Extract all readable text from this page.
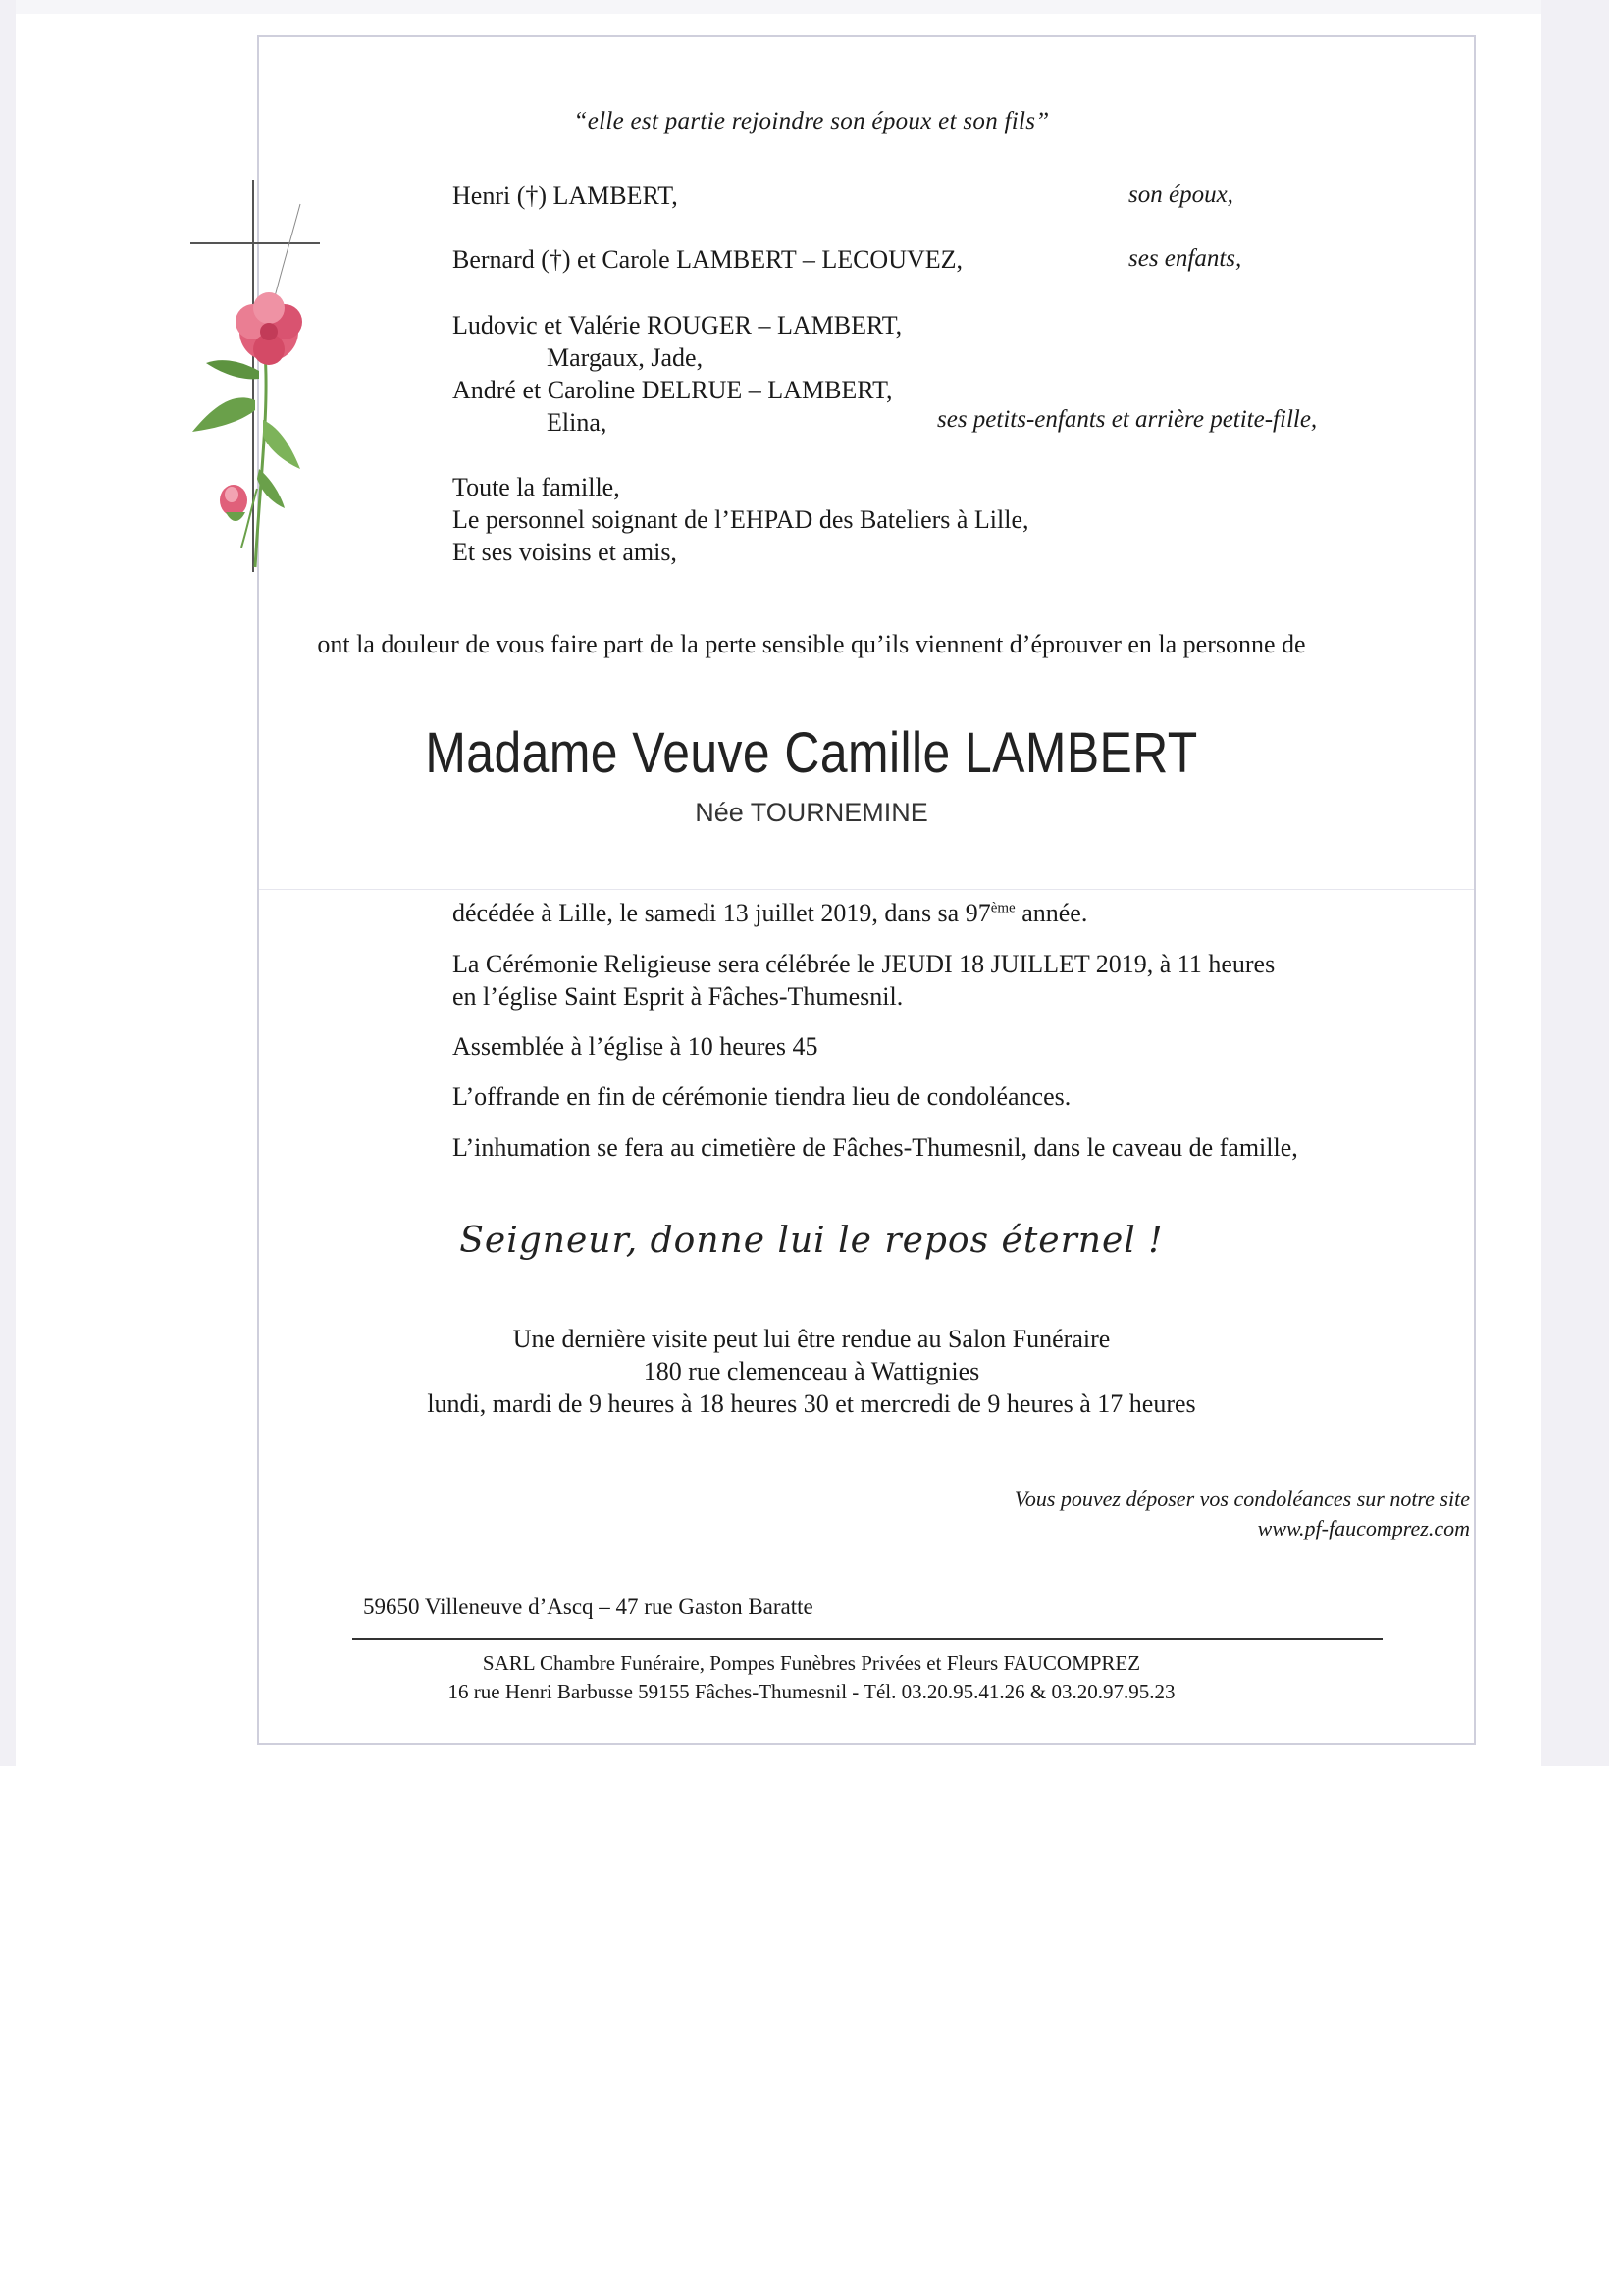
“elle est partie rejoindre son époux et son fils”
Henri (†) LAMBERT,	son époux,
Bernard (†) et Carole LAMBERT – LECOUVEZ,	ses enfants,
Ludovic et Valérie ROUGER – LAMBERT,
Margaux, Jade,
André et Caroline DELRUE – LAMBERT,
Elina,	ses petits-enfants et arrière petite-fille,
Toute la famille,
Le personnel soignant de l’EHPAD des Bateliers à Lille,
Et ses voisins et amis,
ont la douleur de vous faire part de la perte sensible qu’ils viennent d’éprouver en la personne de
Madame Veuve Camille LAMBERT
Née TOURNEMINE
décédée à Lille, le samedi 13 juillet 2019, dans sa 97ème année.
La Cérémonie Religieuse sera célébrée le JEUDI 18 JUILLET 2019, à 11 heures
en l’église Saint Esprit à Fâches-Thumesnil.
Assemblée à l’église à 10 heures 45
L’offrande en fin de cérémonie tiendra lieu de condoléances.
L’inhumation se fera au cimetière de Fâches-Thumesnil, dans le caveau de famille,
Seigneur, donne lui le repos éternel !
Une dernière visite peut lui être rendue au Salon Funéraire
180 rue clemenceau à Wattignies
lundi, mardi de 9 heures à 18 heures 30 et mercredi de 9 heures à 17 heures
Vous pouvez déposer vos condoléances sur notre site
www.pf-faucomprez.com
59650 Villeneuve d’Ascq – 47 rue Gaston Baratte
SARL Chambre Funéraire, Pompes Funèbres Privées et Fleurs FAUCOMPREZ
16 rue Henri Barbusse 59155 Fâches-Thumesnil - Tél. 03.20.95.41.26 & 03.20.97.95.23
